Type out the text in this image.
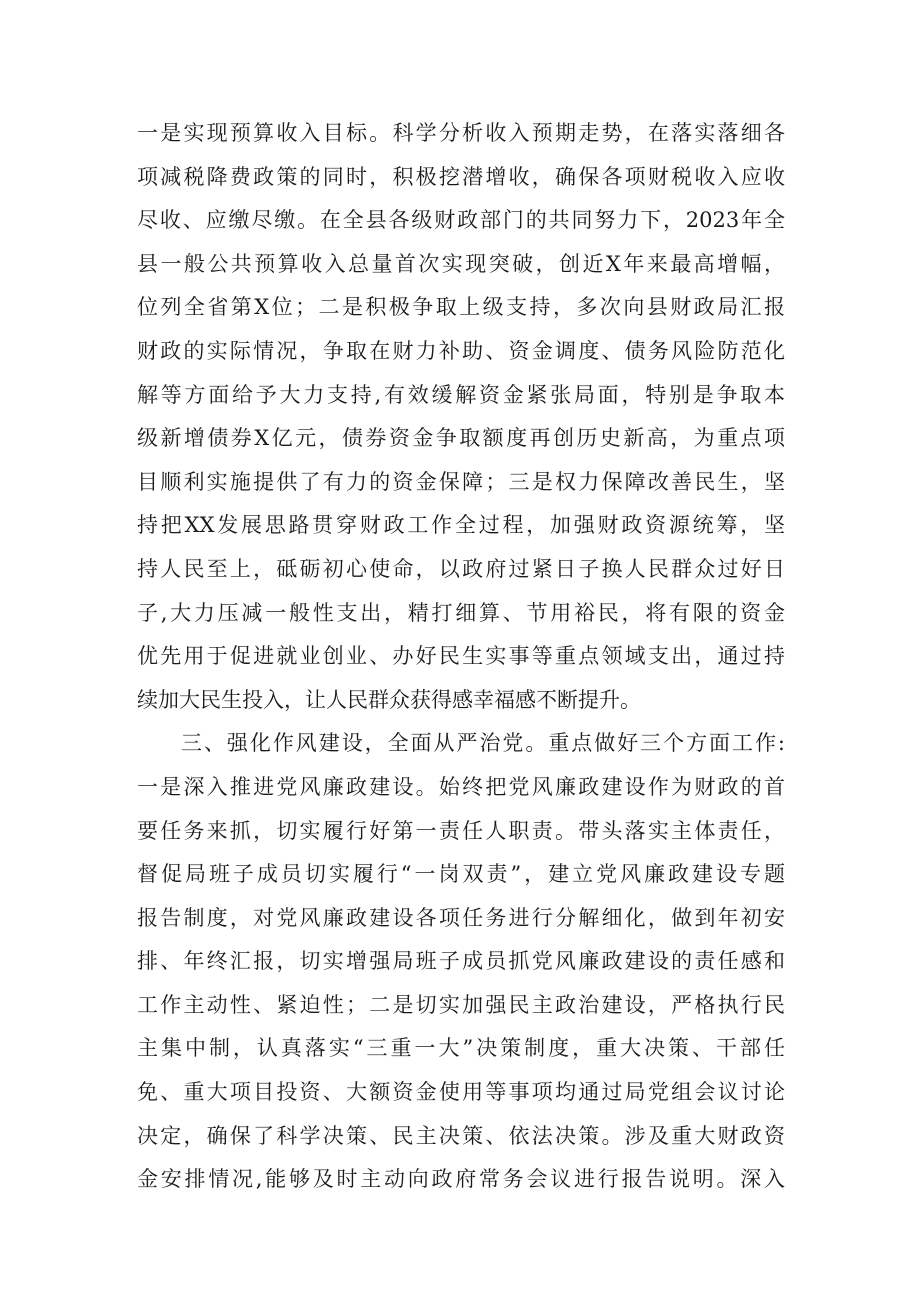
一是实现预算收入目标。科学分析收入预期走势，在落实落细各
项减税降费政策的同时，积极挖潜增收，确保各项财税收入应收
尽收、应缴尽缴。在全县各级财政部门的共同努力下，2023年全
县一般公共预算收入总量首次实现突破，创近X年来最高增幅，
位列全省第X位；二是积极争取上级支持，多次向县财政局汇报
财政的实际情况，争取在财力补助、资金调度、债务风险防范化
解等方面给予大力支持,有效缓解资金紧张局面，特别是争取本
级新增债券X亿元，债券资金争取额度再创历史新高，为重点项
目顺利实施提供了有力的资金保障；三是权力保障改善民生，坚
持把XX发展思路贯穿财政工作全过程，加强财政资源统筹，坚
持人民至上，砥砺初心使命，以政府过紧日子换人民群众过好日
子,大力压减一般性支出，精打细算、节用裕民，将有限的资金
优先用于促进就业创业、办好民生实事等重点领域支出，通过持
续加大民生投入，让人民群众获得感幸福感不断提升。
三、强化作风建设，全面从严治党。重点做好三个方面工作:
一是深入推进党风廉政建设。始终把党风廉政建设作为财政的首
要任务来抓，切实履行好第一责任人职责。带头落实主体责任，
督促局班子成员切实履行“一岗双责”，建立党风廉政建设专题
报告制度，对党风廉政建设各项任务进行分解细化，做到年初安
排、年终汇报，切实增强局班子成员抓党风廉政建设的责任感和
工作主动性、紧迫性；二是切实加强民主政治建设，严格执行民
主集中制，认真落实“三重一大”决策制度，重大决策、干部任
免、重大项目投资、大额资金使用等事项均通过局党组会议讨论
决定，确保了科学决策、民主决策、依法决策。涉及重大财政资
金安排情况,能够及时主动向政府常务会议进行报告说明。深入
